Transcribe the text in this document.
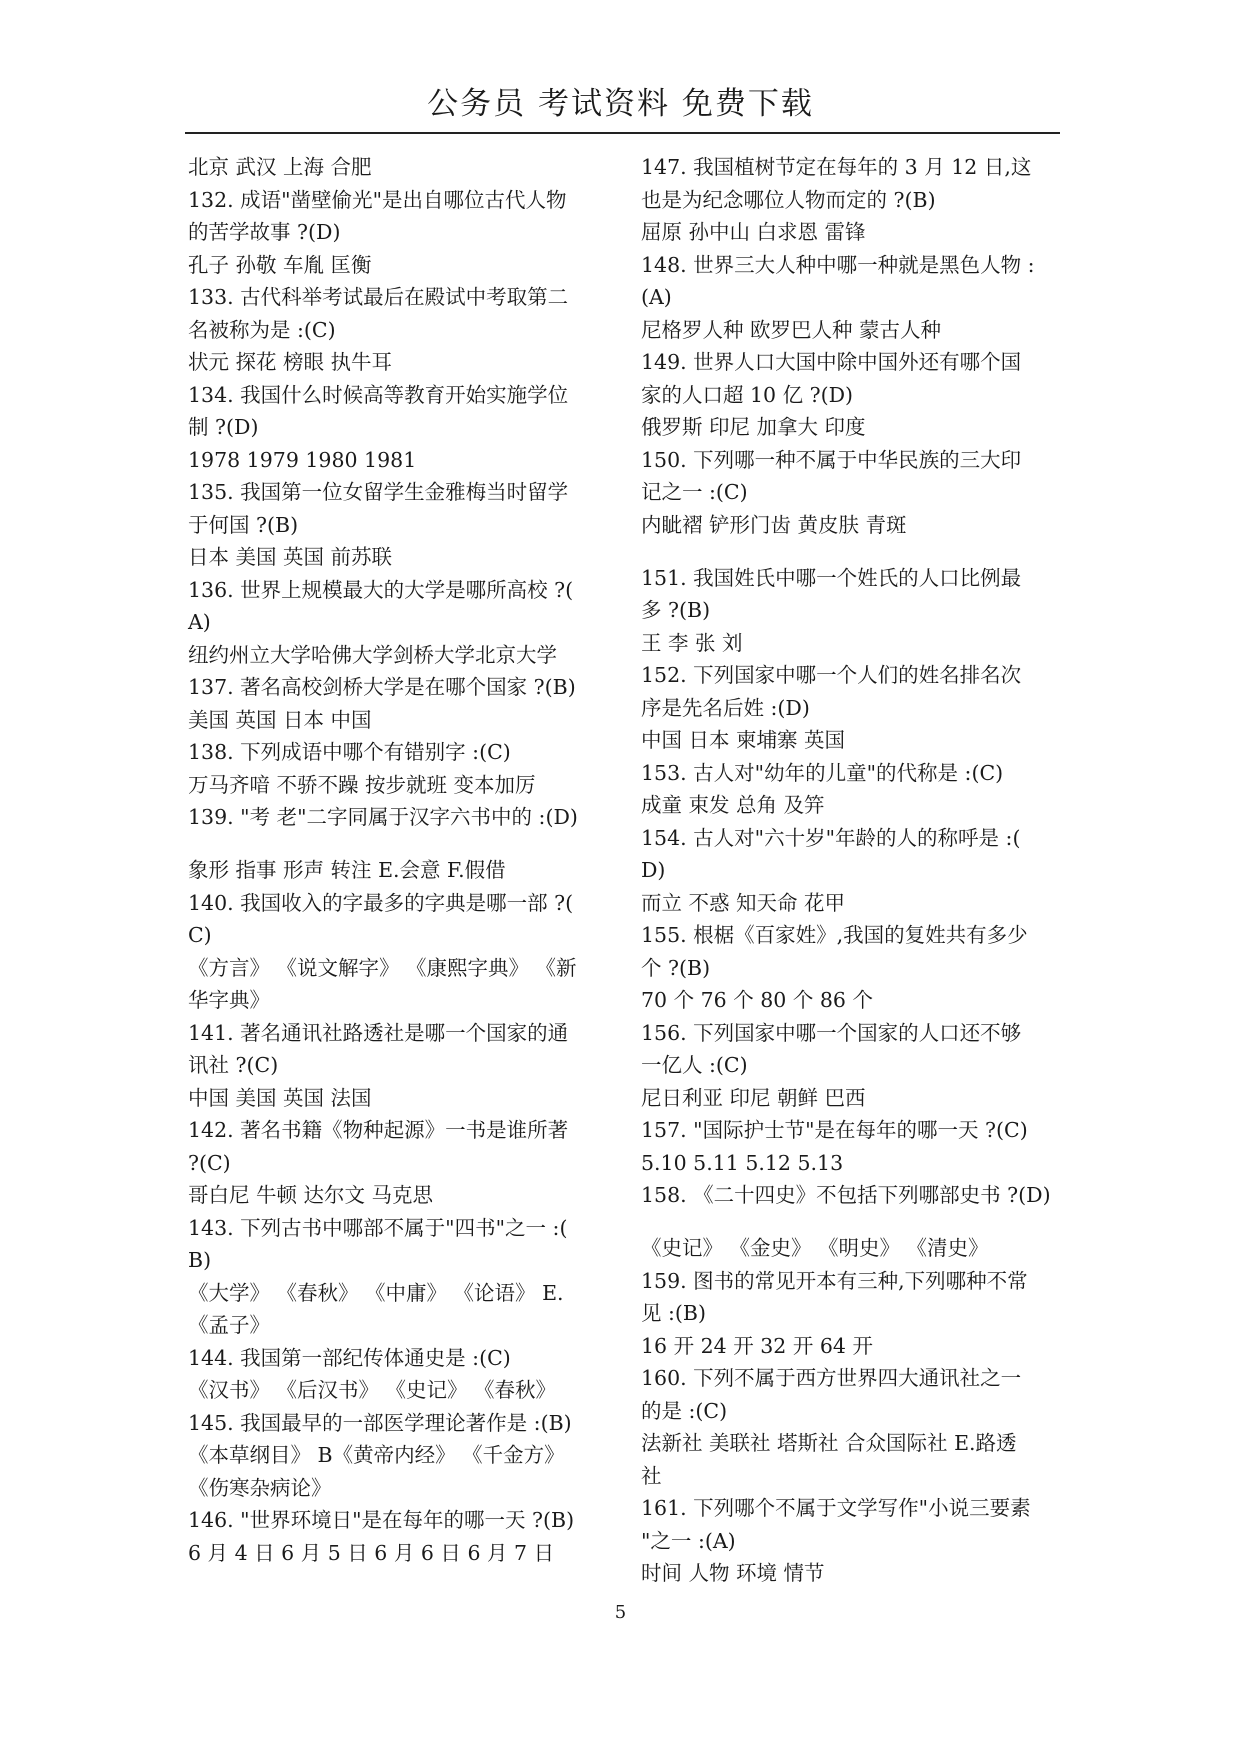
公务员 考试资料 免费下载
北京 武汉 上海 合肥
132. 成语"凿壁偷光"是出自哪位古代人物
的苦学故事 ?(D)
孔子 孙敬 车胤 匡衡
133. 古代科举考试最后在殿试中考取第二
名被称为是 :(C)
状元 探花 榜眼 执牛耳
134. 我国什么时候高等教育开始实施学位
制 ?(D)
1978 1979 1980 1981
135. 我国第一位女留学生金雅梅当时留学
于何国 ?(B)
日本 美国 英国 前苏联
136. 世界上规模最大的大学是哪所高校 ?(
A)
纽约州立大学哈佛大学剑桥大学北京大学
137. 著名高校剑桥大学是在哪个国家 ?(B)
美国 英国 日本 中国
138. 下列成语中哪个有错别字 :(C)
万马齐喑 不骄不躁 按步就班 变本加厉
139. "考 老"二字同属于汉字六书中的 :(D)
象形 指事 形声 转注 E.会意 F.假借
140. 我国收入的字最多的字典是哪一部 ?(
C)
《方言》 《说文解字》 《康熙字典》 《新
华字典》
141. 著名通讯社路透社是哪一个国家的通
讯社 ?(C)
中国 美国 英国 法国
142. 著名书籍《物种起源》一书是谁所著
?(C)
哥白尼 牛顿 达尔文 马克思
143. 下列古书中哪部不属于"四书"之一 :(
B)
《大学》 《春秋》 《中庸》 《论语》 E.
《孟子》
144. 我国第一部纪传体通史是 :(C)
《汉书》 《后汉书》 《史记》 《春秋》
145. 我国最早的一部医学理论著作是 :(B)
《本草纲目》 B《黄帝内经》 《千金方》
《伤寒杂病论》
146. "世界环境日"是在每年的哪一天 ?(B)
6 月 4 日 6 月 5 日 6 月 6 日 6 月 7 日
147. 我国植树节定在每年的 3 月 12 日,这
也是为纪念哪位人物而定的 ?(B)
屈原 孙中山 白求恩 雷锋
148. 世界三大人种中哪一种就是黑色人物 :
(A)
尼格罗人种 欧罗巴人种 蒙古人种
149. 世界人口大国中除中国外还有哪个国
家的人口超 10 亿 ?(D)
俄罗斯 印尼 加拿大 印度
150. 下列哪一种不属于中华民族的三大印
记之一 :(C)
内眦褶 铲形门齿 黄皮肤 青斑
151. 我国姓氏中哪一个姓氏的人口比例最
多 ?(B)
王 李 张 刘
152. 下列国家中哪一个人们的姓名排名次
序是先名后姓 :(D)
中国 日本 柬埔寨 英国
153. 古人对"幼年的儿童"的代称是 :(C)
成童 束发 总角 及笄
154. 古人对"六十岁"年龄的人的称呼是 :(
D)
而立 不惑 知天命 花甲
155. 根椐《百家姓》,我国的复姓共有多少
个 ?(B)
70 个 76 个 80 个 86 个
156. 下列国家中哪一个国家的人口还不够
一亿人 :(C)
尼日利亚 印尼 朝鲜 巴西
157. "国际护士节"是在每年的哪一天 ?(C)
5.10 5.11 5.12 5.13
158. 《二十四史》不包括下列哪部史书 ?(D)
《史记》 《金史》 《明史》 《清史》
159. 图书的常见开本有三种,下列哪种不常
见 :(B)
16 开 24 开 32 开 64 开
160. 下列不属于西方世界四大通讯社之一
的是 :(C)
法新社 美联社 塔斯社 合众国际社 E.路透
社
161. 下列哪个不属于文学写作"小说三要素
"之一 :(A)
时间 人物 环境 情节
5
